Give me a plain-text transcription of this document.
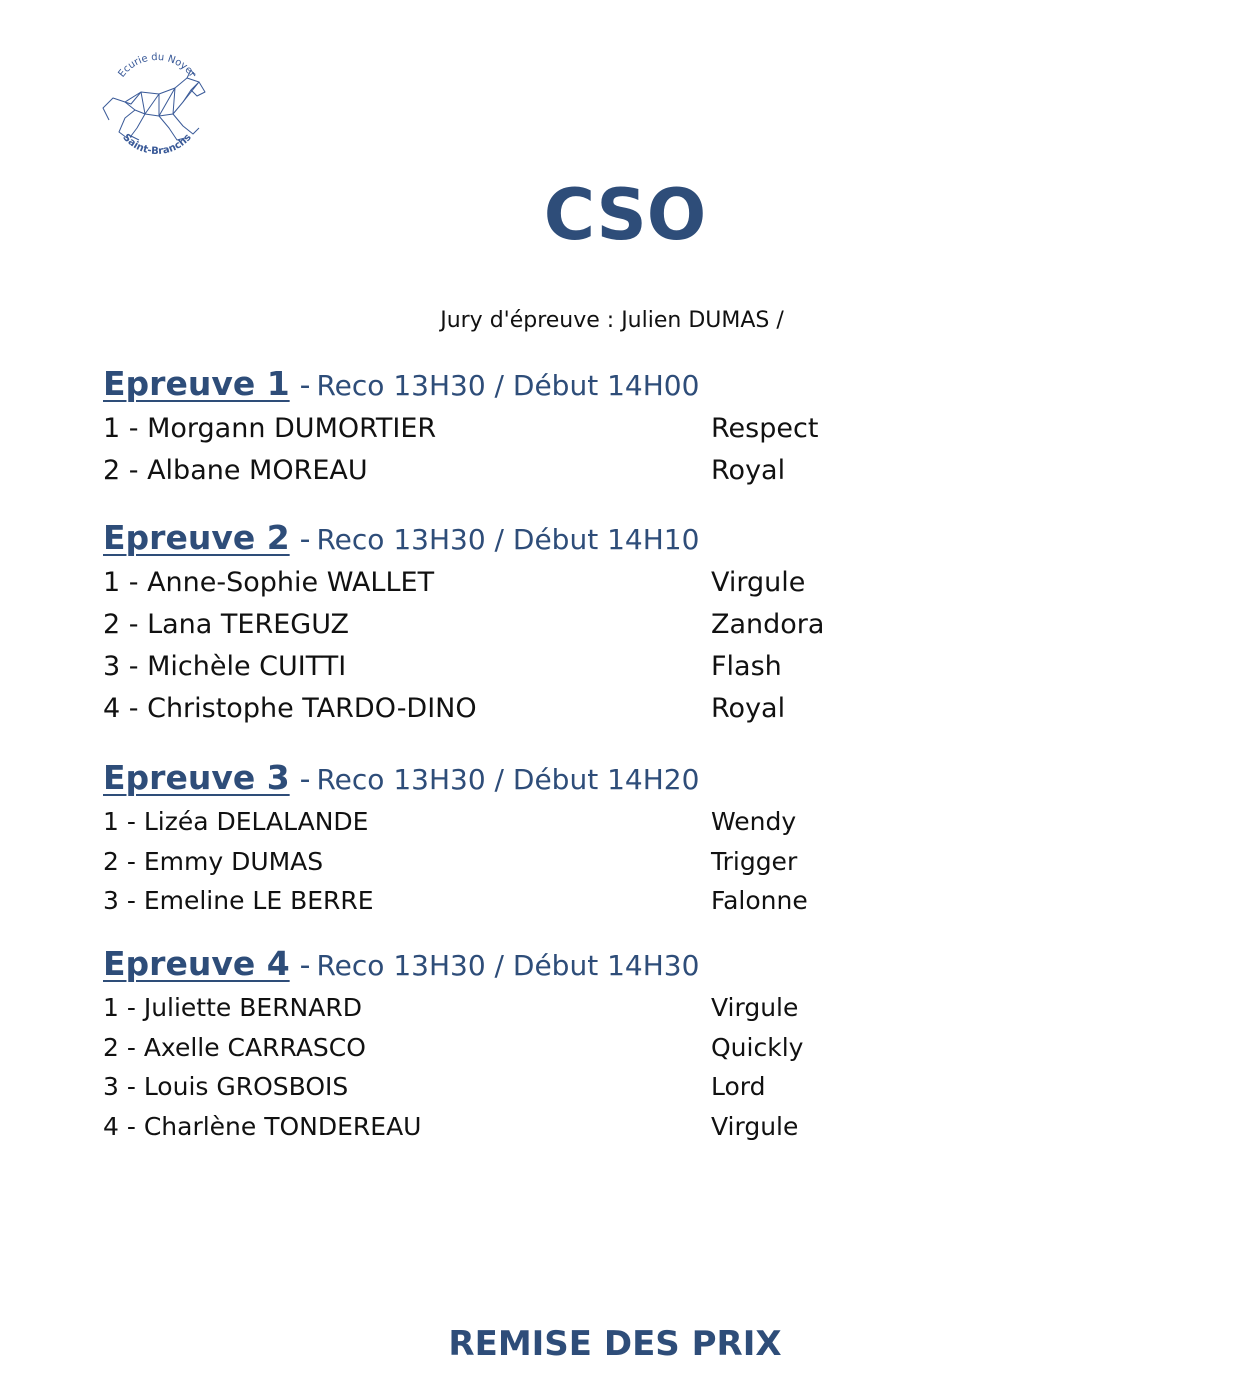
Ecurie du Noyer
Saint-Branchs
CSO
Jury d'épreuve : Julien DUMAS /
Epreuve 1 - Reco 13H30 / Début 14H00
1 - Morgann DUMORTIER	Respect
2 - Albane MOREAU	Royal
Epreuve 2 - Reco 13H30 / Début 14H10
1 - Anne-Sophie WALLET	Virgule
2 - Lana TEREGUZ	Zandora
3 - Michèle CUITTI	Flash
4 - Christophe TARDO-DINO	Royal
Epreuve 3 - Reco 13H30 / Début 14H20
1 - Lizéa DELALANDE	Wendy
2 - Emmy DUMAS	Trigger
3 - Emeline LE BERRE	Falonne
Epreuve 4 - Reco 13H30 / Début 14H30
1 - Juliette BERNARD	Virgule
2 - Axelle CARRASCO	Quickly
3 - Louis GROSBOIS	Lord
4 - Charlène TONDEREAU	Virgule
REMISE DES PRIX
